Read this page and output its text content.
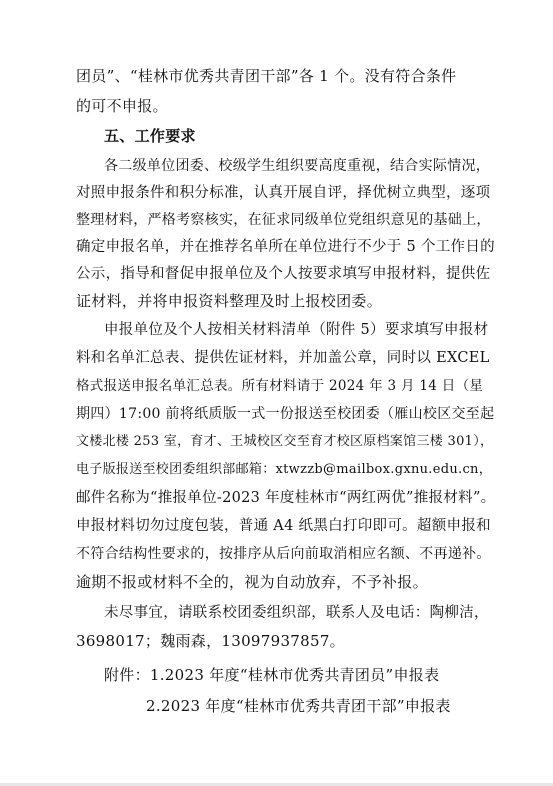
团员”、“桂林市优秀共青团干部”各 1 个。没有符合条件
的可不申报。
五、工作要求
各二级单位团委、校级学生组织要高度重视，结合实际情况，
对照申报条件和积分标准，认真开展自评，择优树立典型，逐项
整理材料，严格考察核实，在征求同级单位党组织意见的基础上，
确定申报名单，并在推荐名单所在单位进行不少于 5 个工作日的
公示，指导和督促申报单位及个人按要求填写申报材料，提供佐
证材料，并将申报资料整理及时上报校团委。
申报单位及个人按相关材料清单（附件 5）要求填写申报材
料和名单汇总表、提供佐证材料，并加盖公章，同时以 EXCEL
格式报送申报名单汇总表。所有材料请于 2024 年 3 月 14 日（星
期四）17:00 前将纸质版一式一份报送至校团委（雁山校区交至起
文楼北楼 253 室，育才、王城校区交至育才校区原档案馆三楼 301），
电子版报送至校团委组织部邮箱：xtwzzb@mailbox.gxnu.edu.cn，
邮件名称为“推报单位-2023 年度桂林市“两红两优”推报材料”。
申报材料切勿过度包装，普通 A4 纸黑白打印即可。超额申报和
不符合结构性要求的，按排序从后向前取消相应名额、不再递补。
逾期不报或材料不全的，视为自动放弃，不予补报。
未尽事宜，请联系校团委组织部，联系人及电话：陶柳洁，
3698017；魏雨森，13097937857。
附件：1.2023 年度“桂林市优秀共青团员”申报表
2.2023 年度“桂林市优秀共青团干部”申报表
